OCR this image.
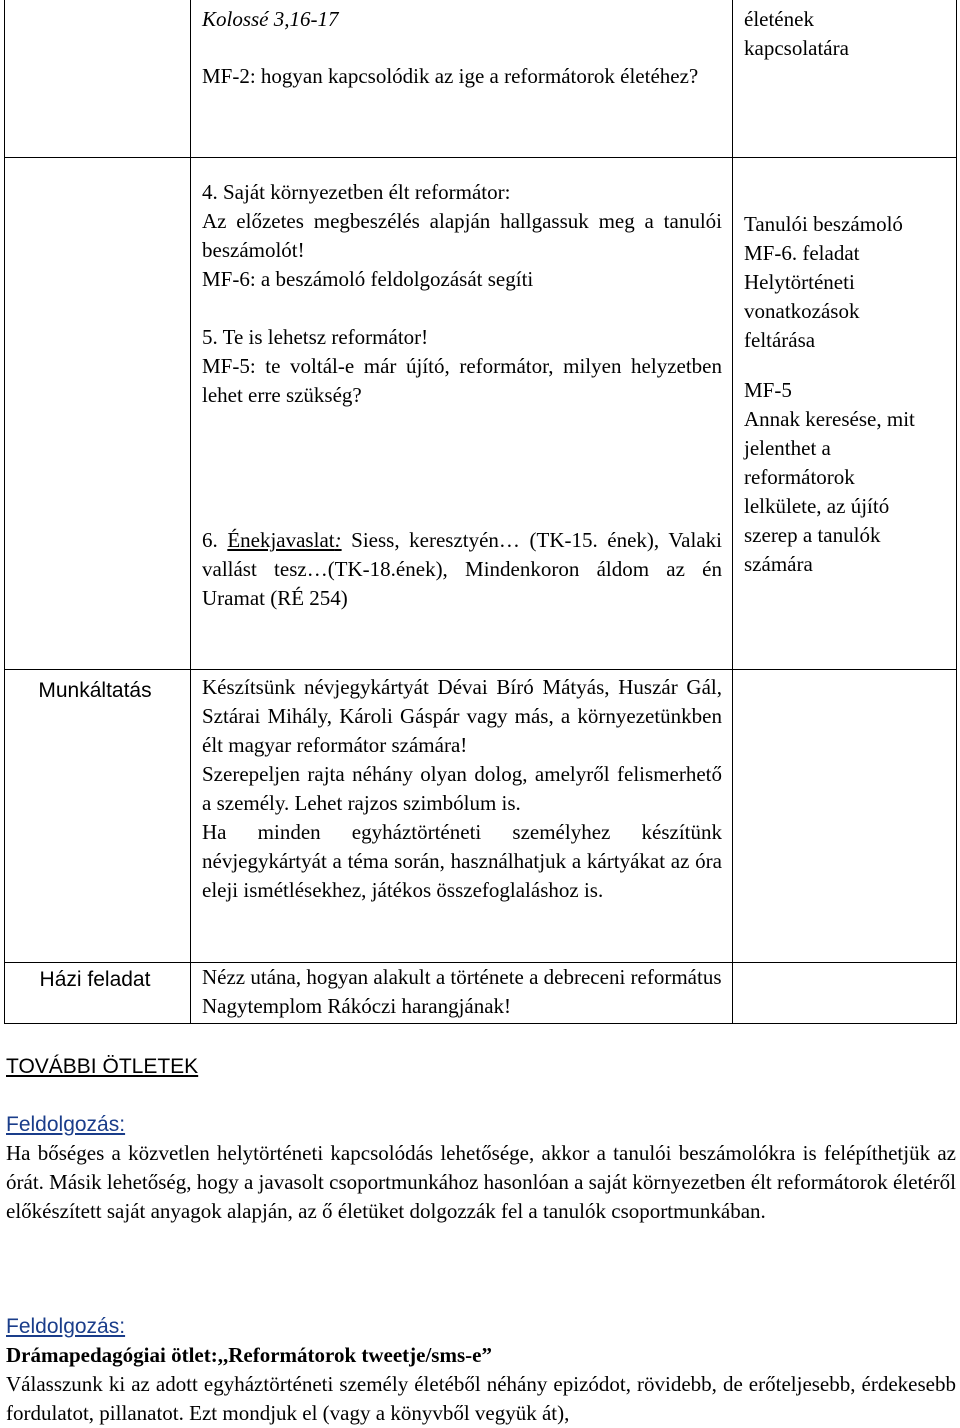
Kolossé 3,16-17
MF-2: hogyan kapcsolódik az ige a reformátorok életéhez?
életének kapcsolatára
4. Saját környezetben élt reformátor:
Az előzetes megbeszélés alapján hallgassuk meg a tanulói beszámolót!
MF-6: a beszámoló feldolgozását segíti
5. Te is lehetsz reformátor!
MF-5: te voltál-e már újító, reformátor, milyen helyzetben lehet erre szükség?
6. Énekjavaslat: Siess, keresztyén… (TK-15. ének), Valaki vallást tesz…(TK-18.ének), Mindenkoron áldom az én Uramat (RÉ 254)
Tanulói beszámoló
MF-6. feladat
Helytörténeti vonatkozások feltárása
MF-5
Annak keresése, mit jelenthet a reformátorok lelkülete, az újító szerep a tanulók számára
Munkáltatás	Készítsünk névjegykártyát Dévai Bíró Mátyás, Huszár Gál, Sztárai Mihály, Károli Gáspár vagy más, a környezetünkben élt magyar reformátor számára!
Szerepeljen rajta néhány olyan dolog, amelyről felismerhető a személy. Lehet rajzos szimbólum is.
Ha minden egyháztörténeti személyhez készítünk névjegykártyát a téma során, használhatjuk a kártyákat az óra eleji ismétlésekhez, játékos összefoglaláshoz is.
Házi feladat	Nézz utána, hogyan alakult a története a debreceni református Nagytemplom Rákóczi harangjának!

TOVÁBBI ÖTLETEK

Feldolgozás:

Ha bőséges a közvetlen helytörténeti kapcsolódás lehetősége, akkor a tanulói beszámolókra is felépíthetjük az órát. Másik lehetőség, hogy a javasolt csoportmunkához hasonlóan a saját környezetben élt reformátorok életéről előkészített saját anyagok alapján, az ő életüket dolgozzák fel a tanulók csoportmunkában.

Feldolgozás:

Drámapedagógiai ötlet:,,Reformátorok tweetje/sms-e”

Válasszunk ki az adott egyháztörténeti személy életéből néhány epizódot, rövidebb, de erőteljesebb, érdekesebb fordulatot, pillanatot. Ezt mondjuk el (vagy a könyvből vegyük át),
